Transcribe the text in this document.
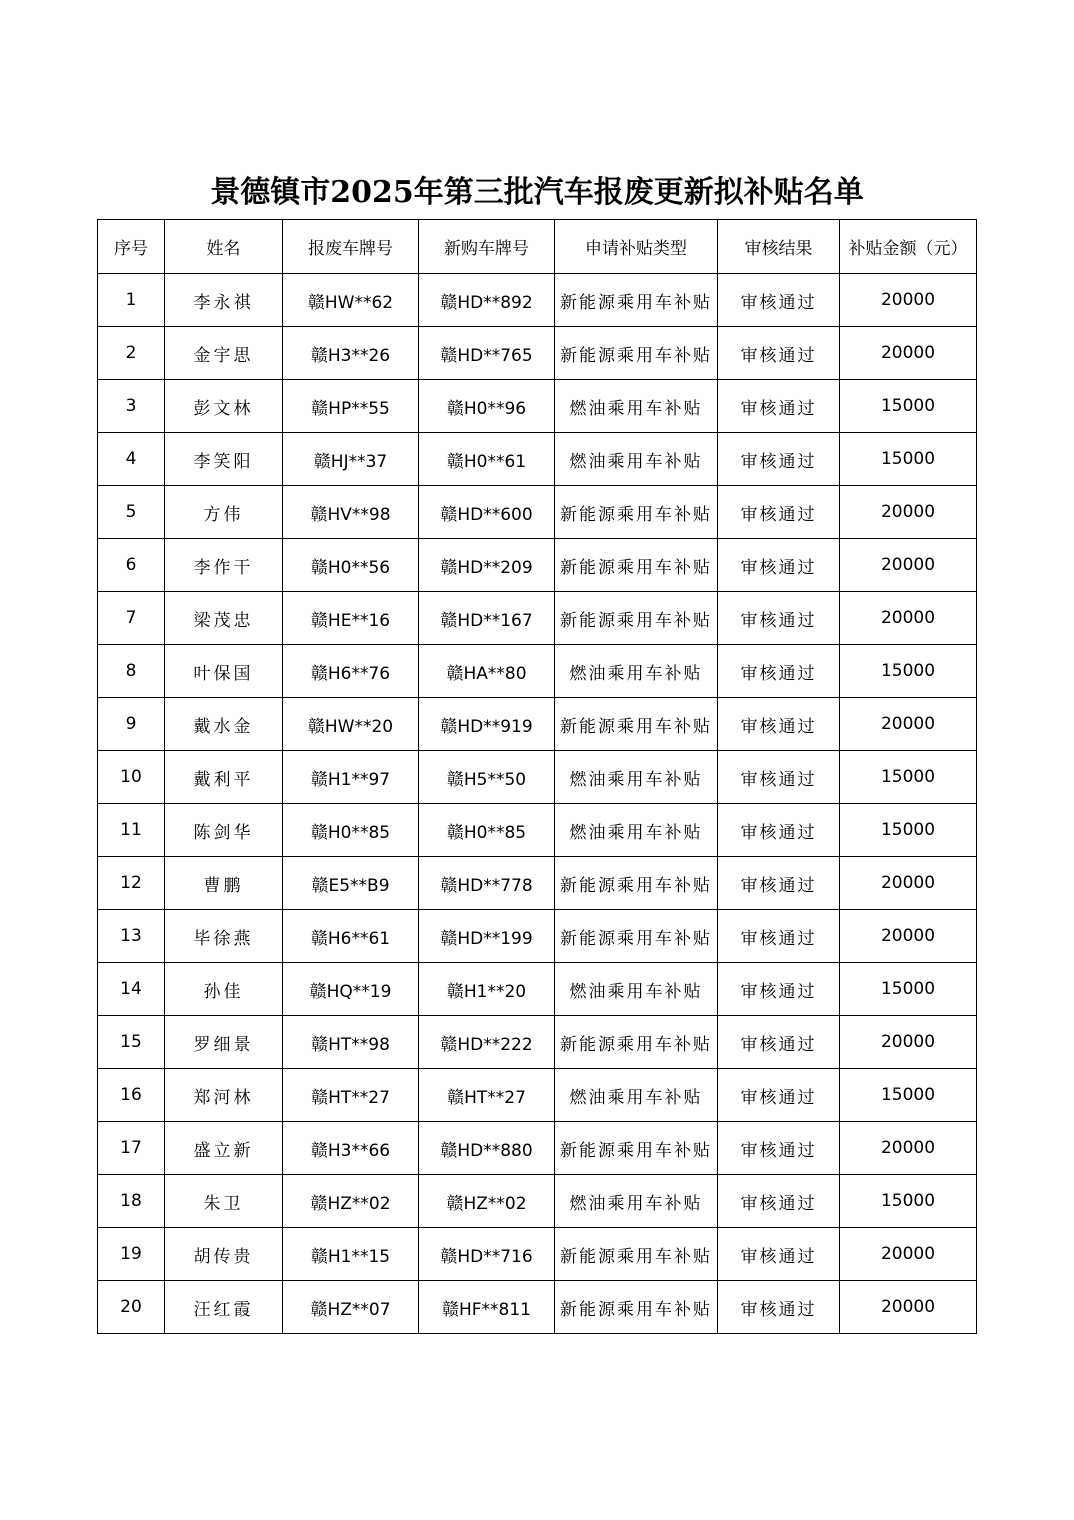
景德镇市2025年第三批汽车报废更新拟补贴名单
序号	姓名	报废车牌号	新购车牌号	申请补贴类型	审核结果	补贴金额（元）
1	李永祺	赣HW**62	赣HD**892	新能源乘用车补贴	审核通过	20000
2	金宇思	赣H3**26	赣HD**765	新能源乘用车补贴	审核通过	20000
3	彭文林	赣HP**55	赣H0**96	燃油乘用车补贴	审核通过	15000
4	李笑阳	赣HJ**37	赣H0**61	燃油乘用车补贴	审核通过	15000
5	方伟	赣HV**98	赣HD**600	新能源乘用车补贴	审核通过	20000
6	李作干	赣H0**56	赣HD**209	新能源乘用车补贴	审核通过	20000
7	梁茂忠	赣HE**16	赣HD**167	新能源乘用车补贴	审核通过	20000
8	叶保国	赣H6**76	赣HA**80	燃油乘用车补贴	审核通过	15000
9	戴水金	赣HW**20	赣HD**919	新能源乘用车补贴	审核通过	20000
10	戴利平	赣H1**97	赣H5**50	燃油乘用车补贴	审核通过	15000
11	陈剑华	赣H0**85	赣H0**85	燃油乘用车补贴	审核通过	15000
12	曹鹏	赣E5**B9	赣HD**778	新能源乘用车补贴	审核通过	20000
13	毕徐燕	赣H6**61	赣HD**199	新能源乘用车补贴	审核通过	20000
14	孙佳	赣HQ**19	赣H1**20	燃油乘用车补贴	审核通过	15000
15	罗细景	赣HT**98	赣HD**222	新能源乘用车补贴	审核通过	20000
16	郑河林	赣HT**27	赣HT**27	燃油乘用车补贴	审核通过	15000
17	盛立新	赣H3**66	赣HD**880	新能源乘用车补贴	审核通过	20000
18	朱卫	赣HZ**02	赣HZ**02	燃油乘用车补贴	审核通过	15000
19	胡传贵	赣H1**15	赣HD**716	新能源乘用车补贴	审核通过	20000
20	汪红霞	赣HZ**07	赣HF**811	新能源乘用车补贴	审核通过	20000
